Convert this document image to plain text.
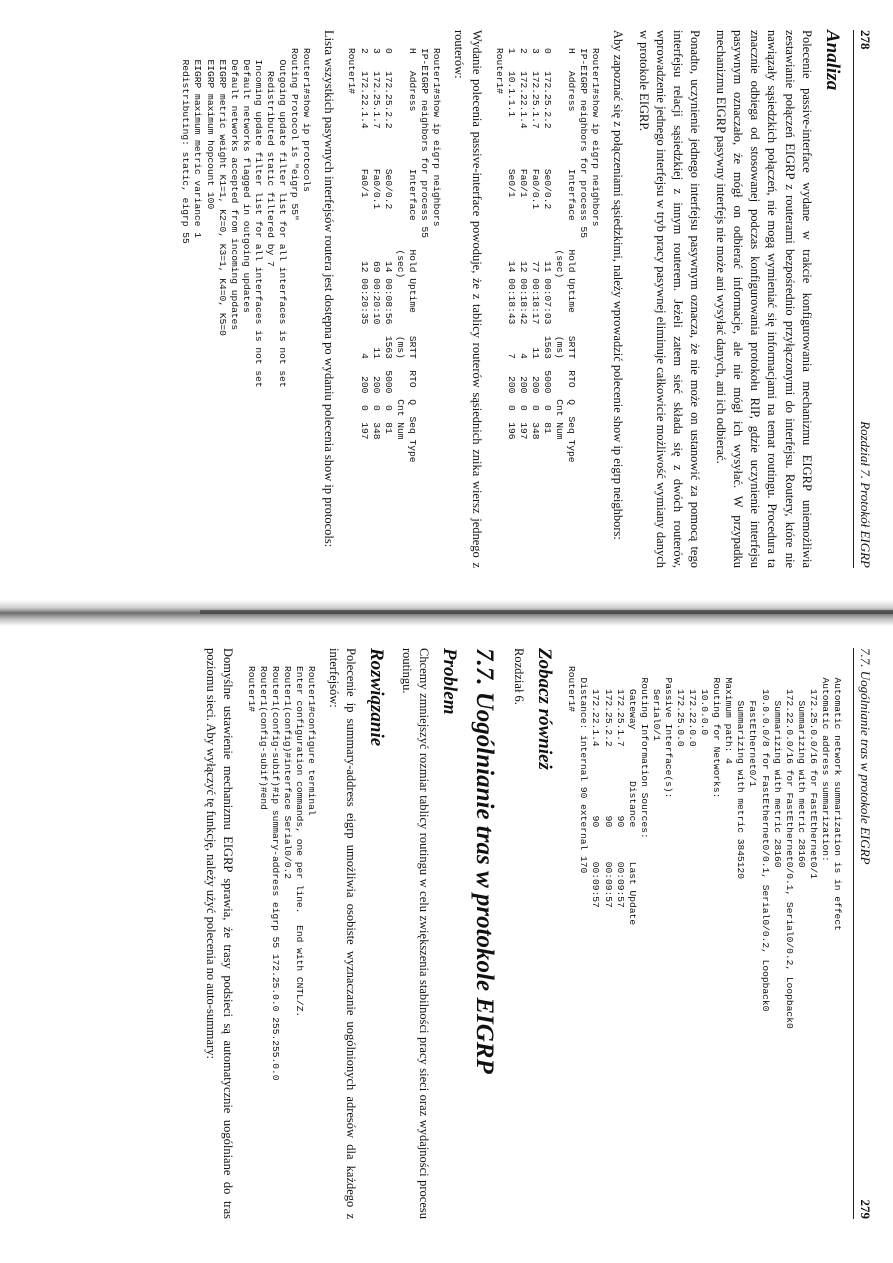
278
Rozdział 7. Protokół EIGRP
Analiza

Polecenie passive-interface wydane w trakcie konfigurowania mechanizmu EIGRP uniemożliwia zestawianie połączeń EIGRP z routerami bezpośrednio przyłączonymi do interfejsu. Routery, które nie nawiązały sąsiedzkich połączeń, nie mogą wymieniać się informacjami na temat routingu. Procedura ta znacznie odbiega od stosowanej podczas konfigurowania protokołu RIP, gdzie uczynienie interfejsu pasywnym oznaczało, że mógł on odbierać informacje, ale nie mógł ich wysyłać. W przypadku mechanizmu EIGRP pasywny interfejs nie może ani wysyłać danych, ani ich odbierać.

Ponadto, uczynienie jednego interfejsu pasywnym oznacza, że nie może on ustanowić za pomocą tego interfejsu relacji sąsiedzkiej z innym routerem. Jeżeli zatem sieć składa się z dwóch routerów, wprowadzenie jednego interfejsu w tryb pracy pasywnej eliminuje całkowicie możliwość wymiany danych w protokole EIGRP.

Aby zapoznać się z połączeniami sąsiedzkimi, należy wprowadzić polecenie show ip eigrp neighbors:

Router1#show ip eigrp neighbors
IP-EIGRP neighbors for process 55
H   Address          Interface     Hold Uptime    SRTT  RTO  Q  Seq Type
(sec)          (ms)       Cnt Num
0   172.25.2.2       Se0/0.2         11 00:07:03  1563  5000  0  81
3   172.25.1.7       Fa0/0.1         77 00:18:17    11   200  0  348
2   172.22.1.4       Fa0/1           12 00:18:42     4   200  0  197
1   10.1.1.1         Se0/1           14 00:18:43     7   200  0  196
Router1#

Wydanie polecenia passive-interface powoduje, że z tablicy routerów sąsiednich znika wiersz jednego z routerów:

Router1#show ip eigrp neighbors
IP-EIGRP neighbors for process 55
H   Address          Interface     Hold Uptime    SRTT  RTO  Q  Seq Type
(sec)          (ms)       Cnt Num
0   172.25.2.2       Se0/0.2         14 00:08:56  1563  5000  0  81
3   172.25.1.7       Fa0/0.1         69 00:20:10    11   200  0  348
2   172.22.1.4       Fa0/1           12 00:20:35     4   200  0  197
Router1#

Lista wszystkich pasywnych interfejsów routera jest dostępna po wydaniu polecenia show ip protocols:

Router1#show ip protocols
Routing Protocol is "eigrp 55"
Outgoing update filter list for all interfaces is not set
Redistributed static filtered by 7
Incoming update filter list for all interfaces is not set
Default networks flagged in outgoing updates
Default networks accepted from incoming updates
EIGRP metric weight K1=1, K2=0, K3=1, K4=0, K5=0
EIGRP maximum hopcount 100
EIGRP maximum metric variance 1
Redistributing: static, eigrp 55
7.7. Uogólnianie tras w protokole EIGRP
279
Automatic network summarization is in effect
Automatic address summarization:
172.25.0.0/16 for FastEthernet0/1
Summarizing with metric 28160
172.22.0.0/16 for FastEthernet0/0.1, Serial0/0.2, Loopback0
Summarizing with metric 28160
10.0.0.0/8 for FastEthernet0/0.1, Serial0/0.2, Loopback0
FastEthernet0/1
Summarizing with metric 3845120
Maximum path: 4
Routing for Networks:
10.0.0.0
172.22.0.0
172.25.0.0
Passive Interface(s):
Serial0/1
Routing Information Sources:
Gateway         Distance      Last Update
172.25.1.7            90      00:09:57
172.25.2.2            90      00:09:57
172.22.1.4            90      00:09:57
Distance: internal 90 external 170
Router1#
Zobacz również

Rozdział 6.

7.7. Uogólnianie tras w protokole EIGRP
Problem

Chcemy zmniejszyć rozmiar tablicy routingu w celu zwiększenia stabilności pracy sieci oraz wydajności procesu routingu.

Rozwiązanie

Polecenie ip summary-address eigrp umożliwia osobiste wyznaczanie uogólnionych adresów dla każdego z interfejsów:

Router1#configure terminal
Enter configuration commands, one per line.  End with CNTL/Z.
Router1(config)#interface Serial0/0.2
Router1(config-subif)#ip summary-address eigrp 55 172.25.0.0 255.255.0.0
Router1(config-subif)#end
Router1#

Domyślne ustawienie mechanizmu EIGRP sprawia, że trasy podsieci są automatycznie uogólniane do tras poziomu sieci. Aby wyłączyć tę funkcję, należy użyć polecenia no auto-summary:
